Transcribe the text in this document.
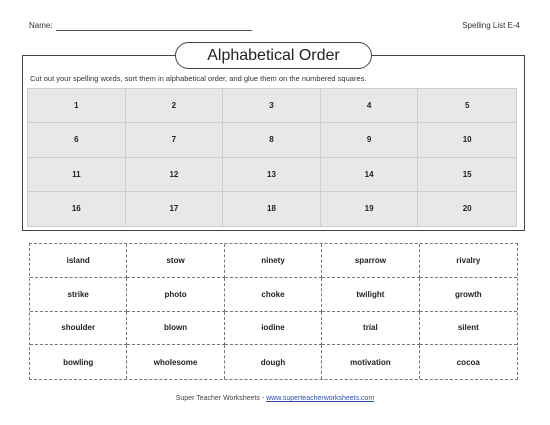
Name:	Spelling List E-4
Alphabetical Order
Cut out your spelling words, sort them in alphabetical order, and glue them on the numbered squares.
1	2	3	4	5
6	7	8	9	10
11	12	13	14	15
16	17	18	19	20
island	stow	ninety	sparrow	rivalry
strike	photo	choke	twilight	growth
shoulder	blown	iodine	trial	silent
bowling	wholesome	dough	motivation	cocoa
Super Teacher Worksheets - www.superteacherworksheets.com
